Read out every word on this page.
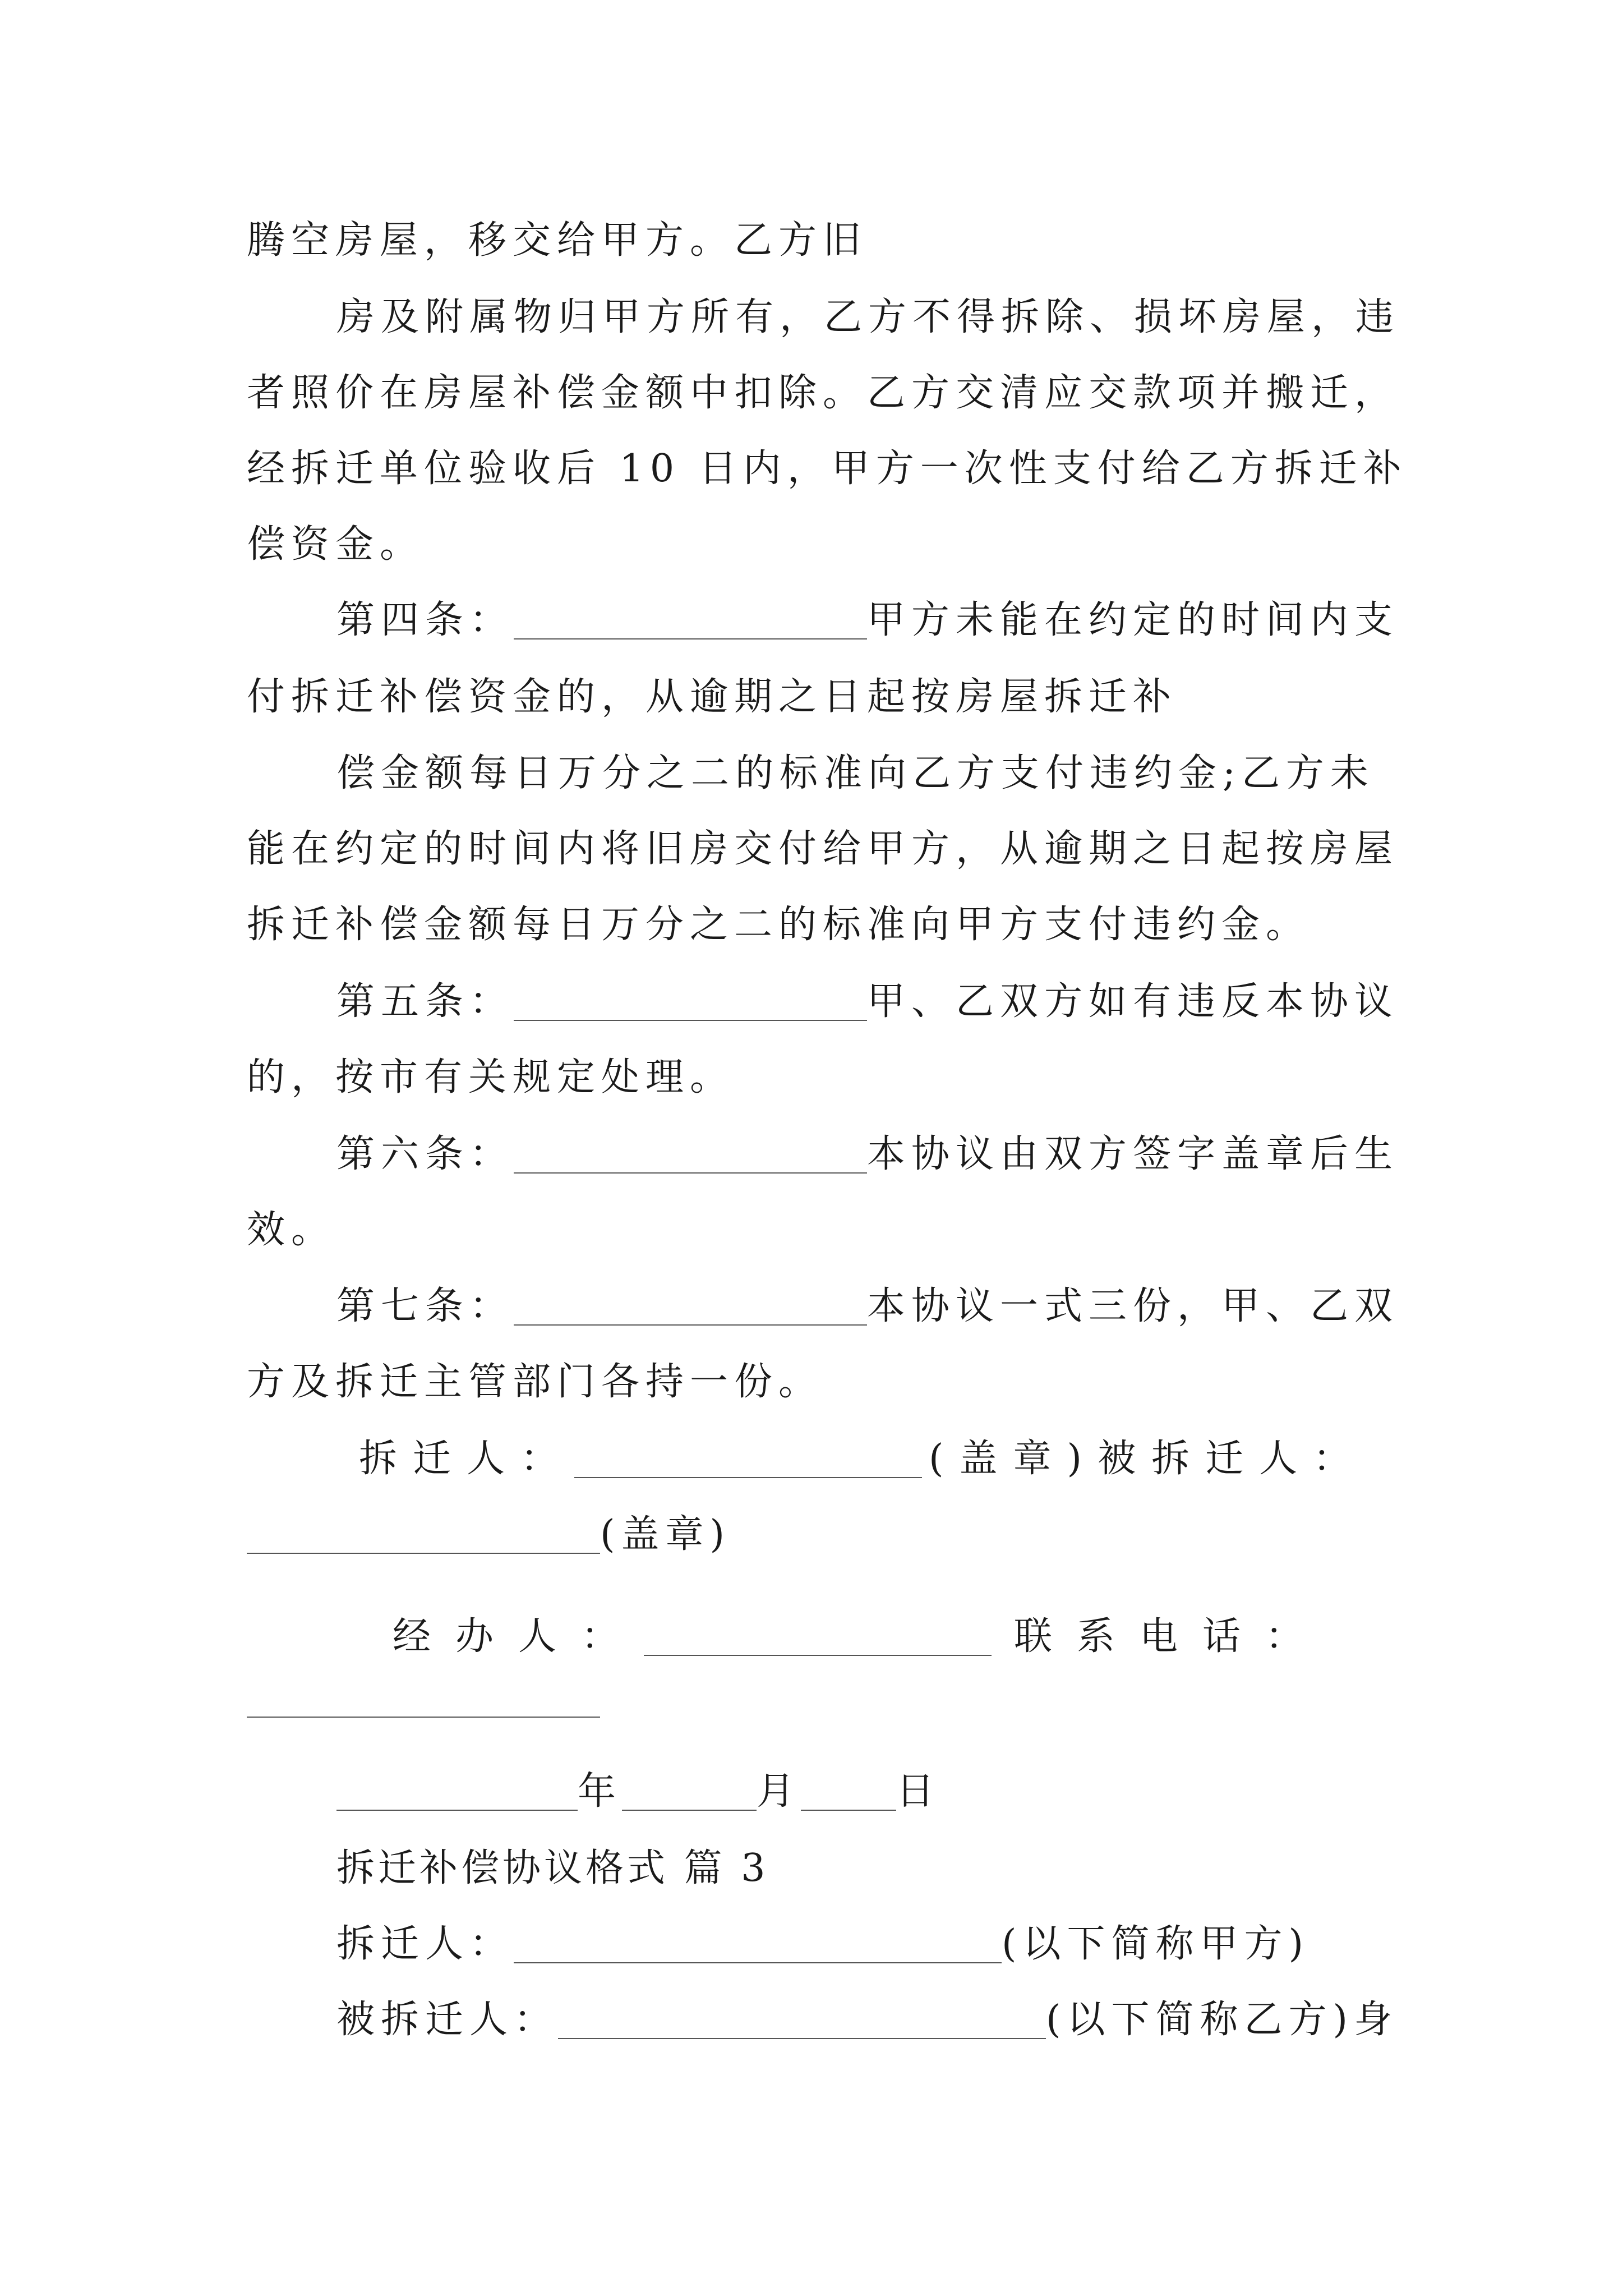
腾空房屋，移交给甲方。乙方旧

房及附属物归甲方所有，乙方不得拆除、损坏房屋，违

者照价在房屋补偿金额中扣除。乙方交清应交款项并搬迁，

经拆迁单位验收后 10 日内，甲方一次性支付给乙方拆迁补

偿资金。

第四条：	甲方未能在约定的时间内支

付拆迁补偿资金的，从逾期之日起按房屋拆迁补

偿金额每日万分之二的标准向乙方支付违约金;乙方未

能在约定的时间内将旧房交付给甲方，从逾期之日起按房屋

拆迁补偿金额每日万分之二的标准向甲方支付违约金。

第五条：	甲、乙双方如有违反本协议

的，按市有关规定处理。

第六条：	本协议由双方签字盖章后生

效。

第七条：	本协议一式三份，甲、乙双

方及拆迁主管部门各持一份。

拆迁人：	(盖章)被拆迁人：

(盖章)

经办人：	联系电话：

年	月	日

拆迁补偿协议格式 篇 3

拆迁人：	(以下简称甲方)

被拆迁人：	(以下简称乙方)身
